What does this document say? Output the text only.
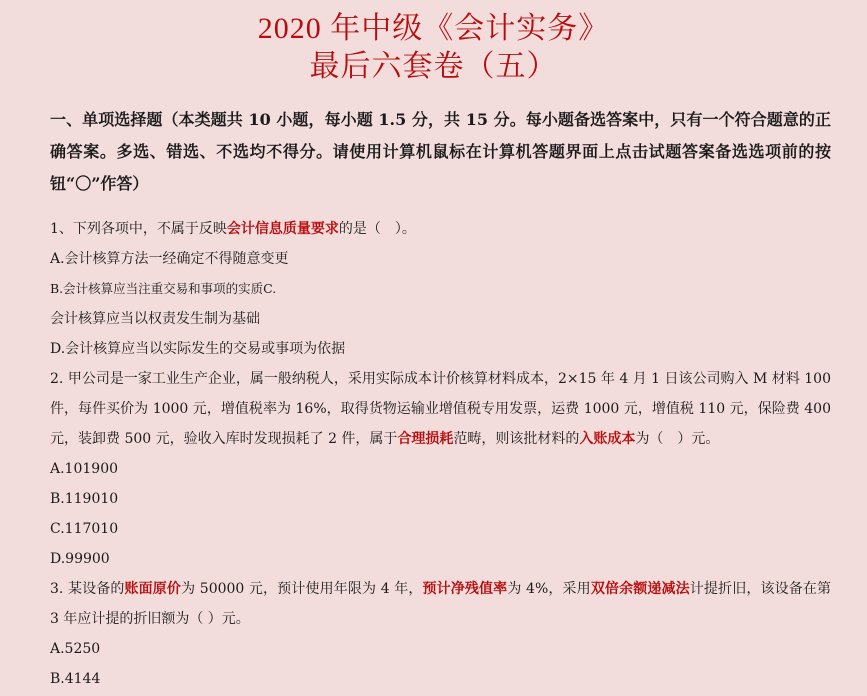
2020 年中级《会计实务》
最后六套卷（五）
一、单项选择题（本类题共 10 小题，每小题 1.5 分，共 15 分。每小题备选答案中，只有一个符合题意的正确答案。多选、错选、不选均不得分。请使用计算机鼠标在计算机答题界面上点击试题答案备选选项前的按钮“〇”作答）
1、下列各项中，不属于反映会计信息质量要求的是（　）。
A.会计核算方法一经确定不得随意变更
B.会计核算应当注重交易和事项的实质C.
会计核算应当以权责发生制为基础
D.会计核算应当以实际发生的交易或事项为依据
2. 甲公司是一家工业生产企业，属一般纳税人，采用实际成本计价核算材料成本，2×15 年 4 月 1 日该公司购入 M 材料 100 件，每件买价为 1000 元，增值税率为 16%，取得货物运输业增值税专用发票，运费 1000 元，增值税 110 元，保险费 400 元，装卸费 500 元，验收入库时发现损耗了 2 件，属于合理损耗范畴，则该批材料的入账成本为（　）元。
A.101900
B.119010
C.117010
D.99900
3. 某设备的账面原价为 50000 元，预计使用年限为 4 年，预计净残值率为 4%，采用双倍余额递减法计提折旧，该设备在第 3 年应计提的折旧额为（ ）元。
A.5250
B.4144
